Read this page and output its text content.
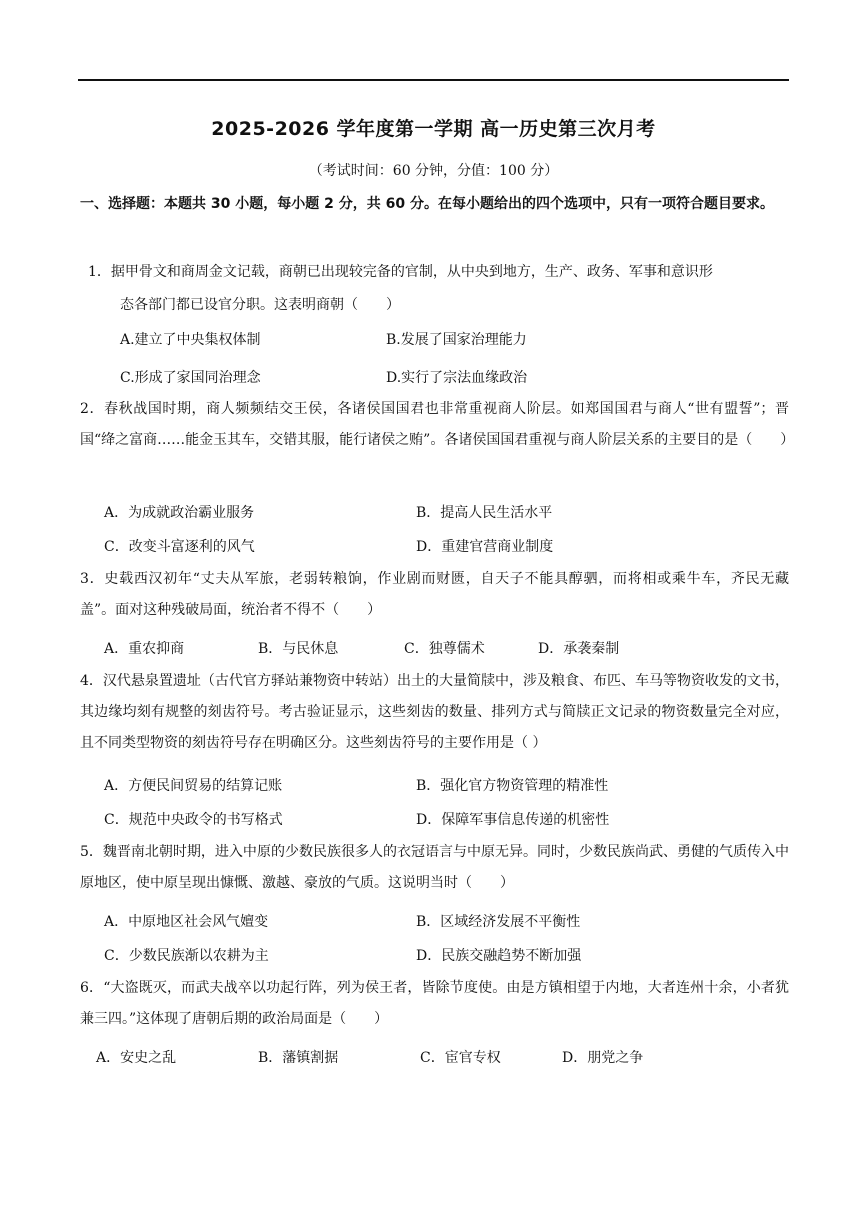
2025-2026 学年度第一学期 高一历史第三次月考
（考试时间：60 分钟，分值：100 分）
一、选择题：本题共 30 小题，每小题 2 分，共 60 分。在每小题给出的四个选项中，只有一项符合题目要求。
1．据甲骨文和商周金文记载，商朝已出现较完备的官制，从中央到地方，生产、政务、军事和意识形
态各部门都已设官分职。这表明商朝（　　）
A.建立了中央集权体制	B.发展了国家治理能力
C.形成了家国同治理念	D.实行了宗法血缘政治
2．春秋战国时期，商人频频结交王侯，各诸侯国国君也非常重视商人阶层。如郑国国君与商人“世有盟誓”；晋国“绛之富商……能金玉其车，交错其服，能行诸侯之贿”。各诸侯国国君重视与商人阶层关系的主要目的是（　　）
A．为成就政治霸业服务	B．提高人民生活水平
C．改变斗富逐利的风气	D．重建官营商业制度
3．史载西汉初年“丈夫从军旅，老弱转粮饷，作业剧而财匮，自天子不能具醇驷，而将相或乘牛车，齐民无藏盖”。面对这种残破局面，统治者不得不（　　）
A．重农抑商	B．与民休息	C．独尊儒术	D．承袭秦制
4．汉代悬泉置遗址（古代官方驿站兼物资中转站）出土的大量简牍中，涉及粮食、布匹、车马等物资收发的文书，其边缘均刻有规整的刻齿符号。考古验证显示，这些刻齿的数量、排列方式与简牍正文记录的物资数量完全对应，且不同类型物资的刻齿符号存在明确区分。这些刻齿符号的主要作用是（ ）
A．方便民间贸易的结算记账	B．强化官方物资管理的精准性
C．规范中央政令的书写格式	D．保障军事信息传递的机密性
5．魏晋南北朝时期，进入中原的少数民族很多人的衣冠语言与中原无异。同时，少数民族尚武、勇健的气质传入中原地区，使中原呈现出慷慨、激越、豪放的气质。这说明当时（　　）
A．中原地区社会风气嬗变	B．区域经济发展不平衡性
C．少数民族渐以农耕为主	D．民族交融趋势不断加强
6．“大盗既灭，而武夫战卒以功起行阵，列为侯王者，皆除节度使。由是方镇相望于内地，大者连州十余，小者犹兼三四。”这体现了唐朝后期的政治局面是（　　）
A．安史之乱	B．藩镇割据	C．宦官专权	D．朋党之争
